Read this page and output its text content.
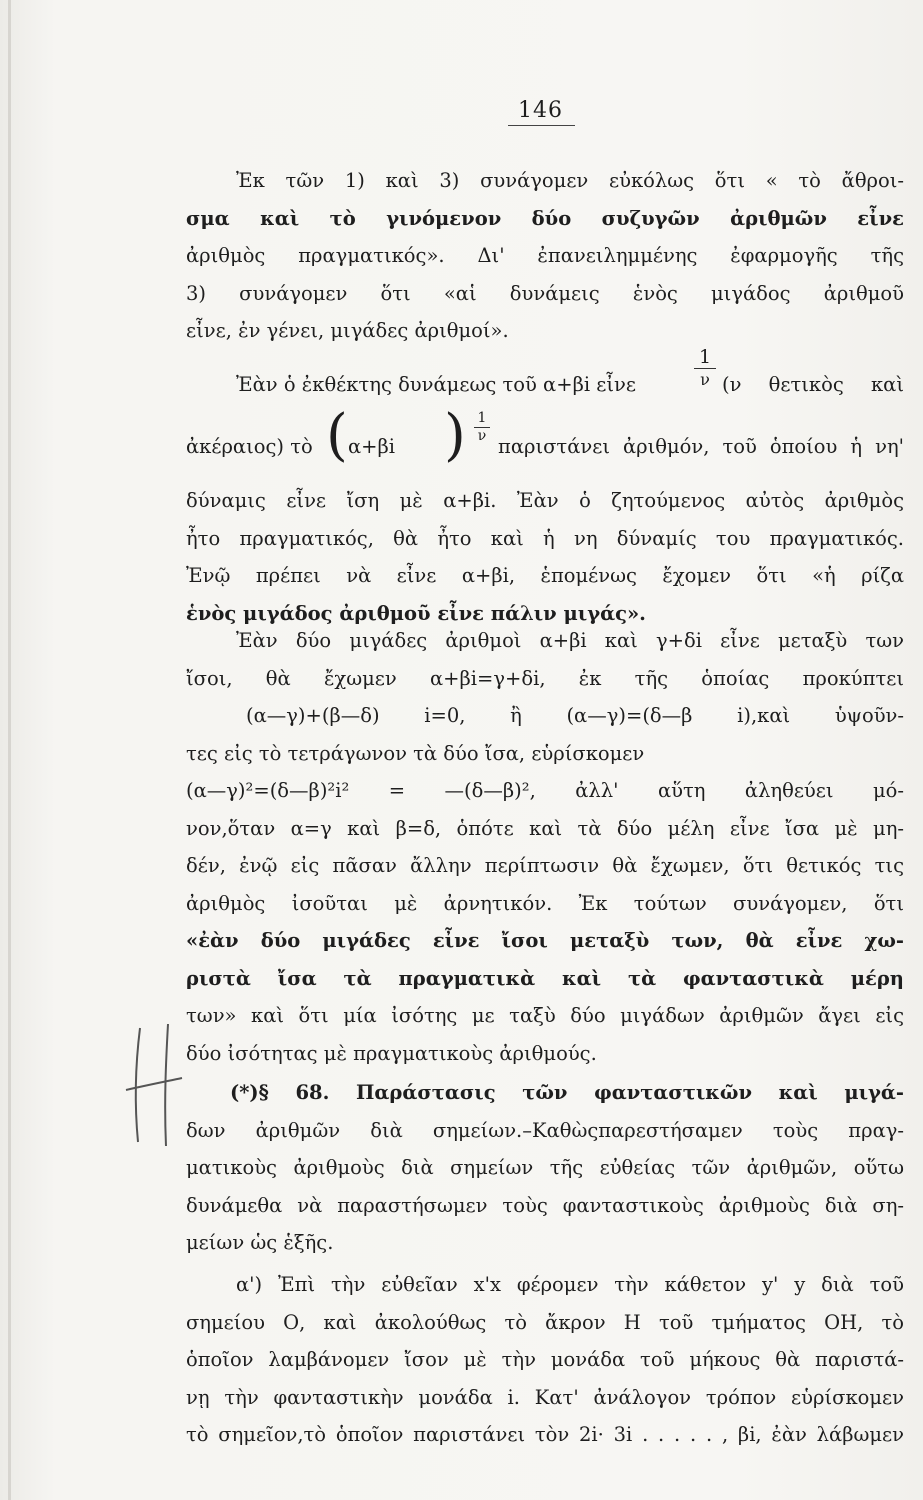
146
Ἐκ τῶν 1) καὶ 3) συνάγομεν εὐκόλως ὅτι « τὸ ἄθροι-
σμα καὶ τὸ γινόμενον δύο συζυγῶν ἀριθμῶν εἶνε
ἀριθμὸς πραγματικός». Δι' ἐπανειλημμένης ἐφαρμογῆς τῆς
3) συνάγομεν ὅτι «αἱ δυνάμεις ἑνὸς μιγάδος ἀριθμοῦ
εἶνε, ἐν γένει, μιγάδες ἀριθμοί».
Ἐὰν ὁ ἐκθέκτης δυνάμεως τοῦ α+βi εἶνε
1
ν (ν θετικὸς καὶ
ἀκέραιος) τὸ ( α+βi ) $\frac{1}{\nu}$
παριστάνει ἀριθμόν, τοῦ ὁποίου ἡ νη'
δύναμις εἶνε ἴση μὲ α+βi. Ἐὰν ὁ ζητούμενος αὐτὸς ἀριθμὸς
ἦτο πραγματικός, θὰ ἦτο καὶ ἡ νη δύναμίς του πραγματικός.
Ἐνῷ πρέπει νὰ εἶνε α+βi, ἑπομένως ἔχομεν ὅτι «ἡ ρίζα
ἑνὸς μιγάδος ἀριθμοῦ εἶνε πάλιν μιγάς».
Ἐὰν δύο μιγάδες ἀριθμοὶ α+βi καὶ γ+δi εἶνε μεταξὺ των
ἴσοι, θὰ ἔχωμεν α+βi=γ+δi, ἐκ τῆς ὁποίας προκύπτει
(α—γ)+(β—δ) i=0, ἢ (α—γ)=(δ—β i),καὶ ὑψοῦν-
τες εἰς τὸ τετράγωνον τὰ δύο ἴσα, εὑρίσκομεν
(α—γ)²=(δ—β)²i² = —(δ—β)², ἀλλ' αὕτη ἀληθεύει μό-
νον,ὅταν α=γ καὶ β=δ, ὁπότε καὶ τὰ δύο μέλη εἶνε ἴσα μὲ μη-
δέν, ἐνῷ εἰς πᾶσαν ἄλλην περίπτωσιν θὰ ἔχωμεν, ὅτι θετικός τις
ἀριθμὸς ἰσοῦται μὲ ἀρνητικόν. Ἐκ τούτων συνάγομεν, ὅτι
«ἐὰν δύο μιγάδες εἶνε ἴσοι μεταξὺ των, θὰ εἶνε χω-
ριστὰ ἴσα τὰ πραγματικὰ καὶ τὰ φανταστικὰ μέρη
των» καὶ ὅτι μία ἰσότης με ταξὺ δύο μιγάδων ἀριθμῶν ἄγει εἰς
δύο ἰσότητας μὲ πραγματικοὺς ἀριθμούς.
(*)§ 68. Παράστασις τῶν φανταστικῶν καὶ μιγά-
δων ἀριθμῶν διὰ σημείων.–Καθὼςπαρεστήσαμεν τοὺς πραγ-
ματικοὺς ἀριθμοὺς διὰ σημείων τῆς εὐθείας τῶν ἀριθμῶν, οὕτω
δυνάμεθα νὰ παραστήσωμεν τοὺς φανταστικοὺς ἀριθμοὺς διὰ ση-
μείων ὡς ἑξῆς.
α') Ἐπὶ τὴν εὐθεῖαν x'x φέρομεν τὴν κάθετον y' y διὰ τοῦ
σημείου Ο, καὶ ἀκολούθως τὸ ἄκρον Η τοῦ τμήματος ΟΗ, τὸ
ὁποῖον λαμβάνομεν ἴσον μὲ τὴν μονάδα τοῦ μήκους θὰ παριστά-
νῃ τὴν φανταστικὴν μονάδα i. Κατ' ἀνάλογον τρόπον εὑρίσκομεν
τὸ σημεῖον,τὸ ὁποῖον παριστάνει τὸν 2i· 3i . . . . . , βi, ἐὰν λάβωμεν
